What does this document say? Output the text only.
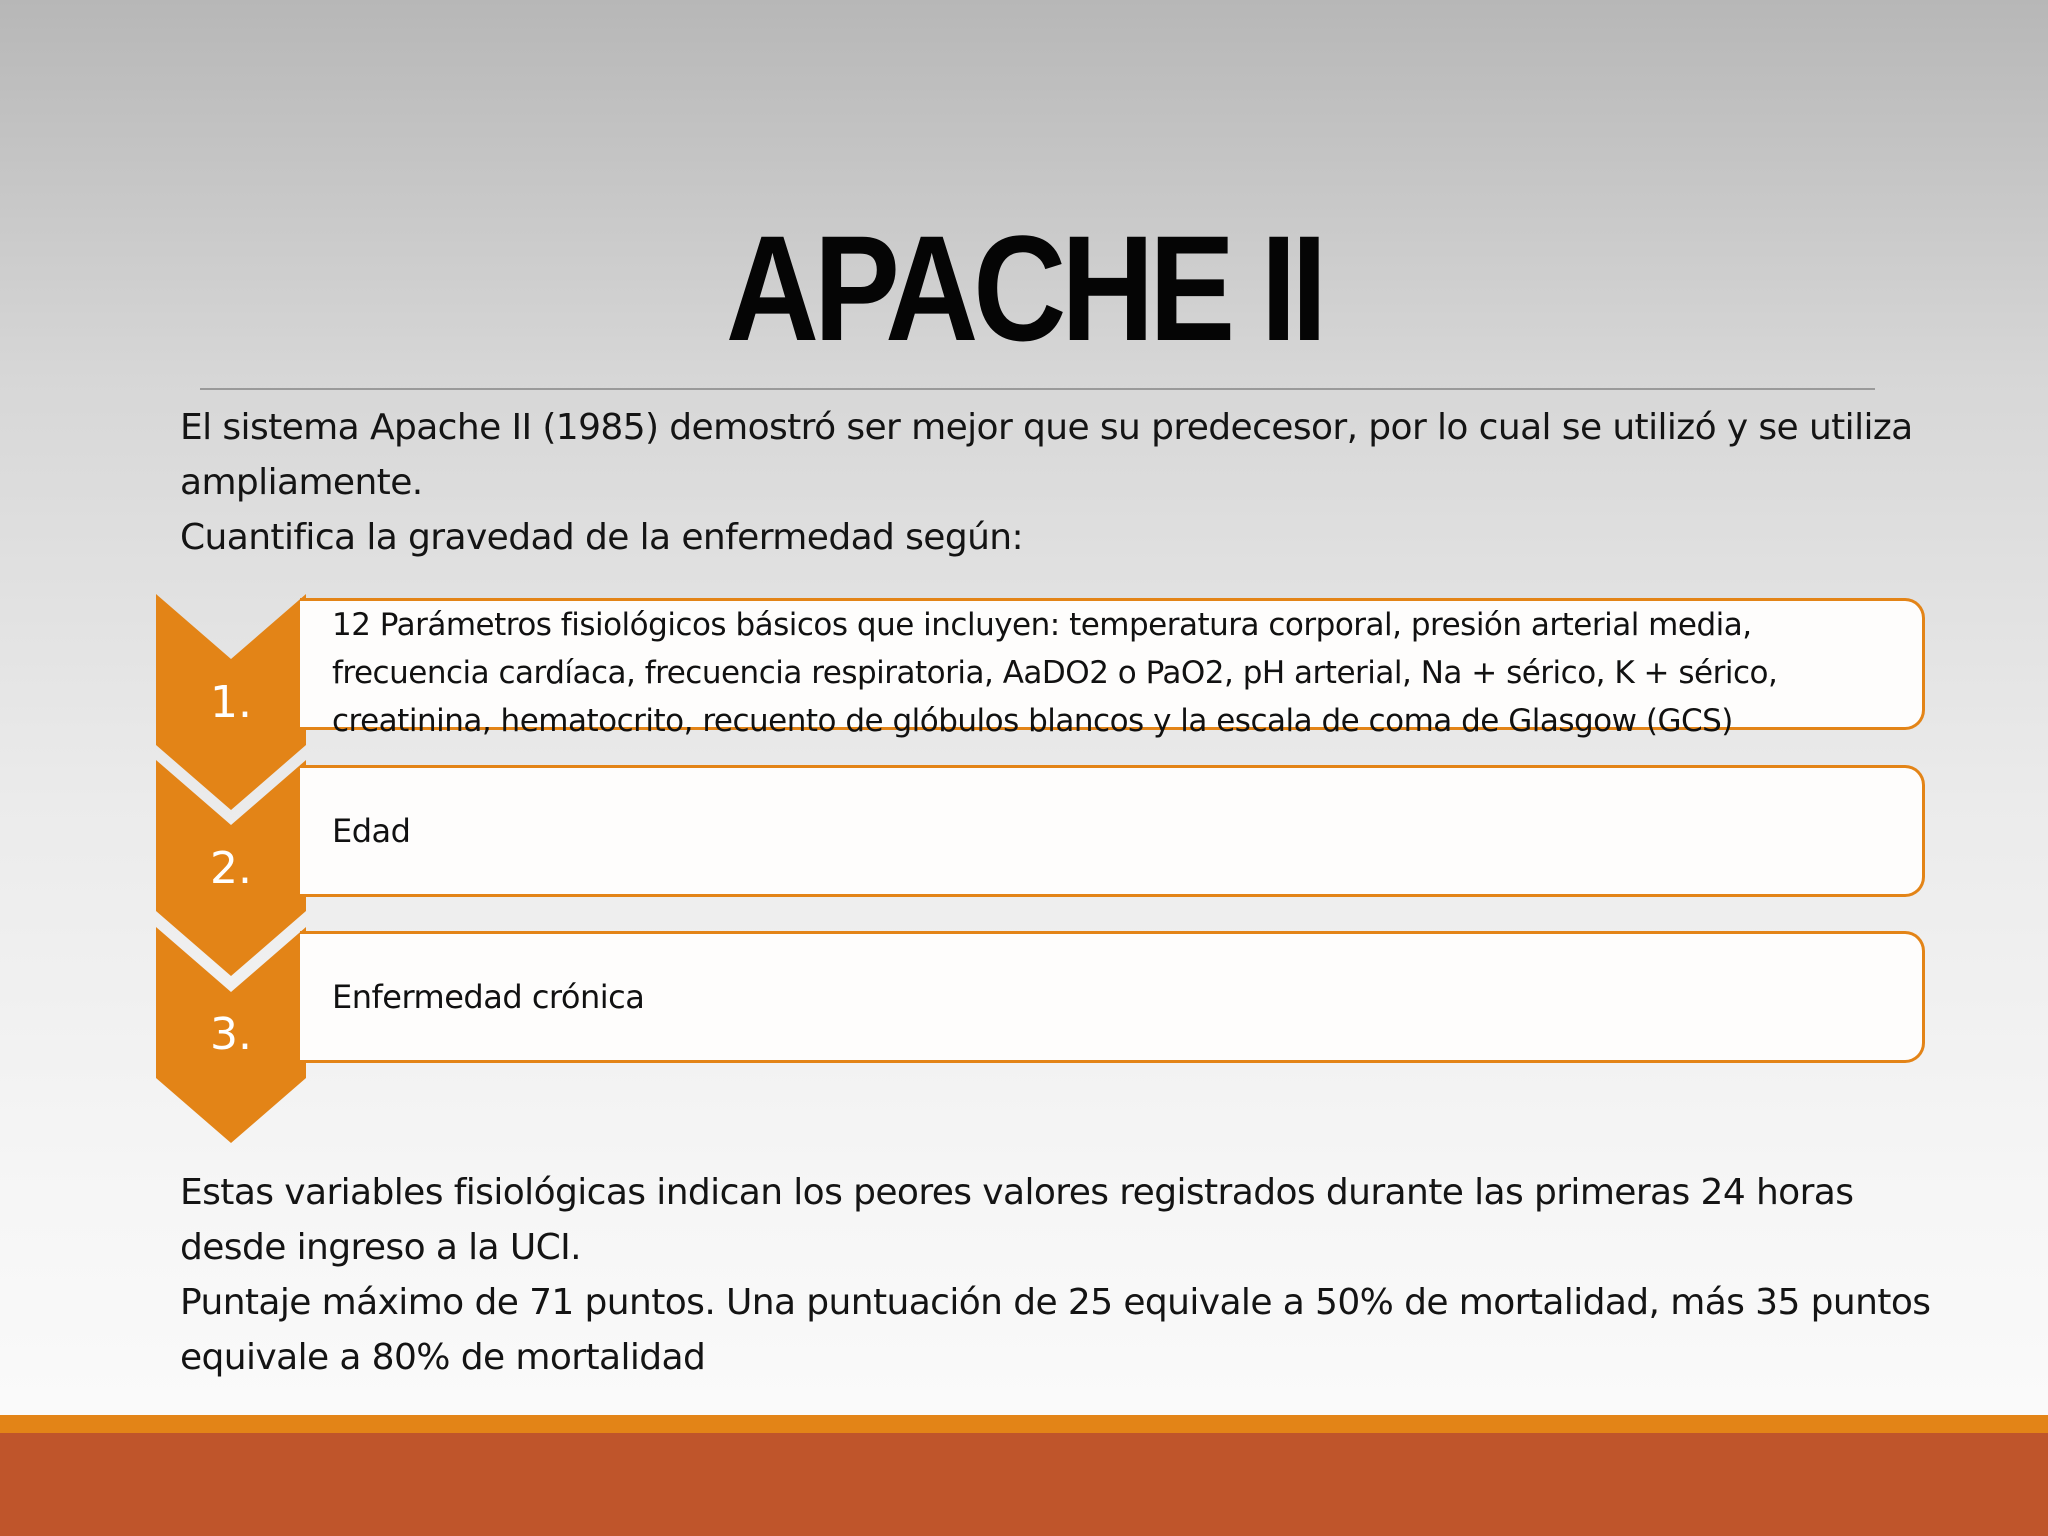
APACHE II

El sistema Apache II (1985) demostró ser mejor que su predecesor, por lo cual se utilizó y se utiliza ampliamente.

Cuantifica la gravedad de la enfermedad según:

1.
12 Parámetros fisiológicos básicos que incluyen: temperatura corporal, presión arterial media, frecuencia cardíaca, frecuencia respiratoria, AaDO2 o PaO2, pH arterial, Na + sérico, K + sérico, creatinina, hematocrito, recuento de glóbulos blancos y la escala de coma de Glasgow (GCS)
2.
Edad
3.
Enfermedad crónica

Estas variables fisiológicas indican los peores valores registrados durante las primeras 24 horas desde ingreso a la UCI.

Puntaje máximo de 71 puntos. Una puntuación de 25 equivale a 50% de mortalidad, más 35 puntos equivale a 80% de mortalidad
